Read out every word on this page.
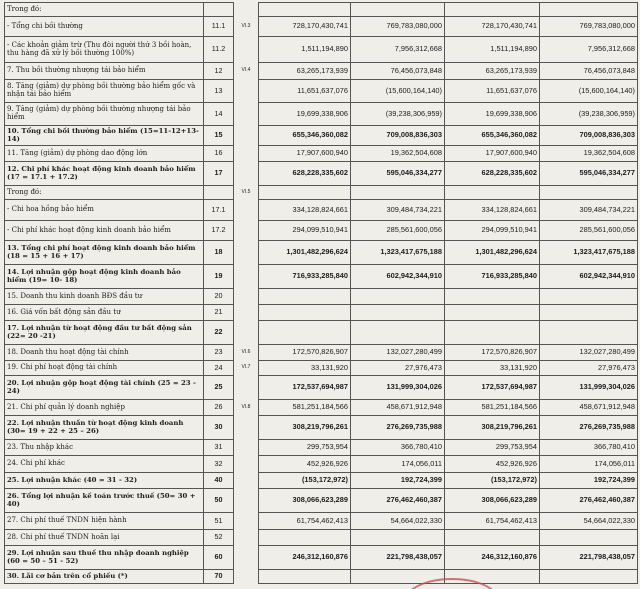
Trong đó:						
- Tổng chi bồi thường	11.1	VI.3	728,170,430,741	769,783,080,000	728,170,430,741	769,783,080,000
- Các khoản giảm trừ (Thu đòi người thứ 3 bồi hoàn, thu hàng đã xử lý bồi thường 100%)	11.2		1,511,194,890	7,956,312,668	1,511,194,890	7,956,312,668
7. Thu bồi thường nhượng tái bảo hiểm	12	VI.4	63,265,173,939	76,456,073,848	63,265,173,939	76,456,073,848
8. Tăng (giảm) dự phòng bồi thường bảo hiểm gốc và nhận tái bảo hiểm	13		11,651,637,076	(15,600,164,140)	11,651,637,076	(15,600,164,140)
9. Tăng (giảm) dự phòng bồi thường nhượng tái bảo hiểm	14		19,699,338,906	(39,238,306,959)	19,699,338,906	(39,238,306,959)
10. Tổng chi bồi thường bảo hiểm (15=11-12+13-14)	15		655,346,360,082	709,008,836,303	655,346,360,082	709,008,836,303
11. Tăng (giảm) dự phòng dao động lớn	16		17,907,600,940	19,362,504,608	17,907,600,940	19,362,504,608
12. Chi phí khác hoạt động kinh doanh bảo hiểm (17 = 17.1 + 17.2)	17		628,228,335,602	595,046,334,277	628,228,335,602	595,046,334,277
Trong đó:		VI.5				
- Chi hoa hồng bảo hiểm	17.1		334,128,824,661	309,484,734,221	334,128,824,661	309,484,734,221
- Chi phí khác hoạt động kinh doanh bảo hiểm	17.2		294,099,510,941	285,561,600,056	294,099,510,941	285,561,600,056
13. Tổng chi phí hoạt động kinh doanh bảo hiểm (18 = 15 + 16 + 17)	18		1,301,482,296,624	1,323,417,675,188	1,301,482,296,624	1,323,417,675,188
14. Lợi nhuận gộp hoạt động kinh doanh bảo hiểm (19= 10- 18)	19		716,933,285,840	602,942,344,910	716,933,285,840	602,942,344,910
15. Doanh thu kinh doanh BĐS đầu tư	20					
16. Giá vốn bất động sản đầu tư	21					
17. Lợi nhuận từ hoạt động đầu tư bất động sản (22= 20 -21)	22					
18. Doanh thu hoạt động tài chính	23	VI.6	172,570,826,907	132,027,280,499	172,570,826,907	132,027,280,499
19. Chi phí hoạt động tài chính	24	VI.7	33,131,920	27,976,473	33,131,920	27,976,473
20. Lợi nhuận gộp hoạt động tài chính (25 = 23 - 24)	25		172,537,694,987	131,999,304,026	172,537,694,987	131,999,304,026
21. Chi phí quản lý doanh nghiệp	26	VI.8	581,251,184,566	458,671,912,948	581,251,184,566	458,671,912,948
22. Lợi nhuận thuần từ hoạt động kinh doanh (30= 19 + 22 + 25 – 26)	30		308,219,796,261	276,269,735,988	308,219,796,261	276,269,735,988
23. Thu nhập khác	31		299,753,954	366,780,410	299,753,954	366,780,410
24. Chi phí khác	32		452,926,926	174,056,011	452,926,926	174,056,011
25. Lợi nhuận khác (40 = 31 - 32)	40		(153,172,972)	192,724,399	(153,172,972)	192,724,399
26. Tổng lợi nhuận kế toán trước thuế (50= 30 + 40)	50		308,066,623,289	276,462,460,387	308,066,623,289	276,462,460,387
27. Chi phí thuế TNDN hiện hành	51		61,754,462,413	54,664,022,330	61,754,462,413	54,664,022,330
28. Chi phí thuế TNDN hoãn lại	52					
29. Lợi nhuận sau thuế thu nhập doanh nghiệp (60 = 50 – 51 - 52)	60		246,312,160,876	221,798,438,057	246,312,160,876	221,798,438,057
30. Lãi cơ bản trên cổ phiếu (*)	70					
